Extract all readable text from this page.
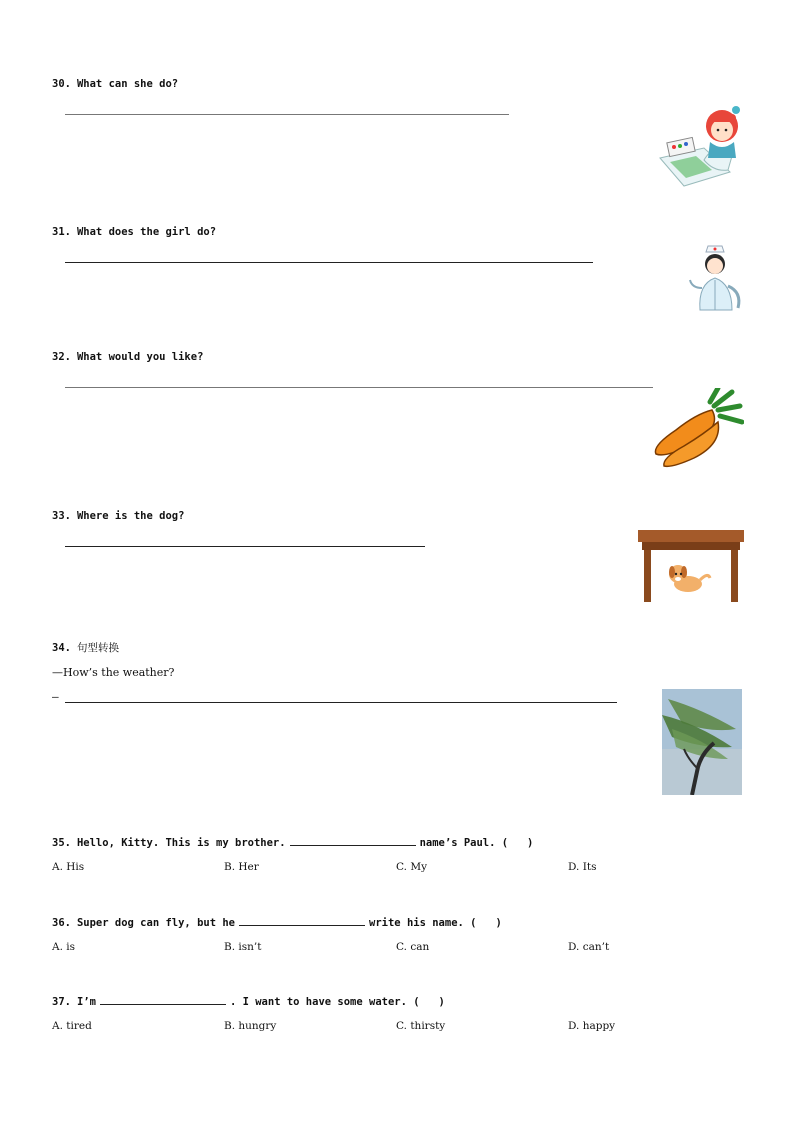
30. What can she do?
31. What does the girl do?
32. What would you like?
33. Where is the dog?
34. 句型转换
—How’s the weather?
—
35. Hello, Kitty. This is my brother.	name’s Paul. (   )
A. His	B. Her	C. My	D. Its
36. Super dog can fly, but he	write his name. (   )
A. is	B. isn’t	C. can	D. can’t
37. I’m	. I want to have some water. (   )
A. tired	B. hungry	C. thirsty	D. happy
